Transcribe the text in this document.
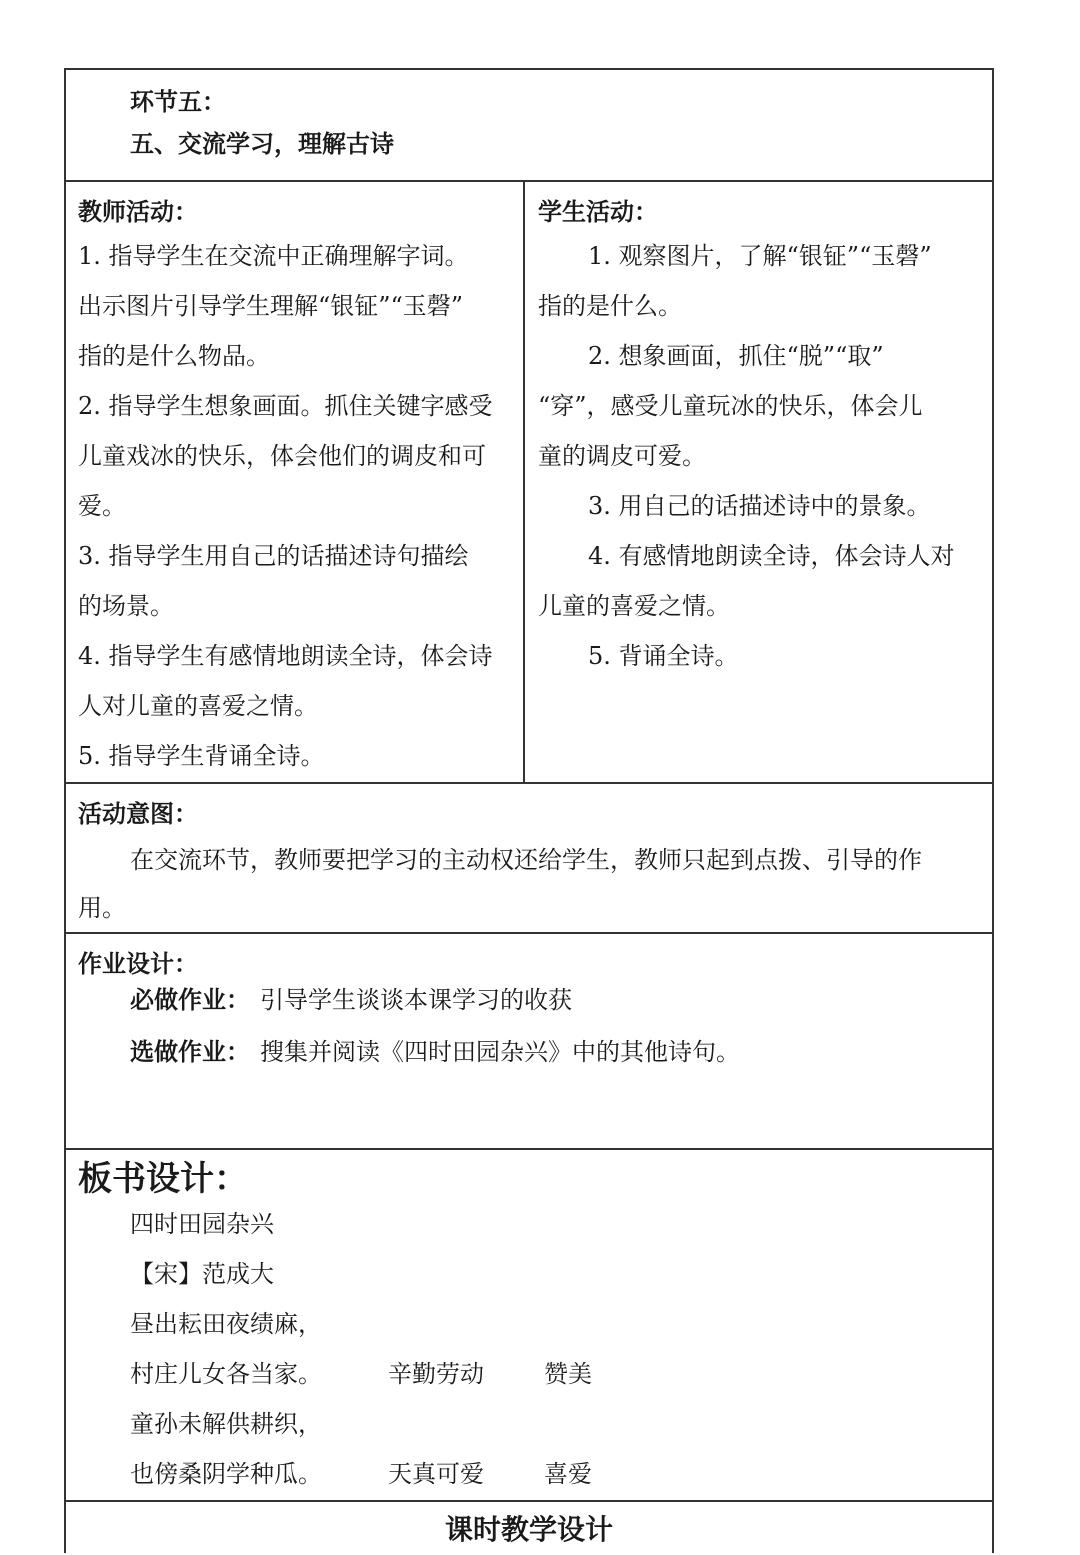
环节五：
五、交流学习，理解古诗
教师活动：
1. 指导学生在交流中正确理解字词。
出示图片引导学生理解“银钲”“玉磬”
指的是什么物品。
2. 指导学生想象画面。抓住关键字感受
儿童戏冰的快乐，体会他们的调皮和可
爱。
3. 指导学生用自己的话描述诗句描绘
的场景。
4. 指导学生有感情地朗读全诗，体会诗
人对儿童的喜爱之情。
5. 指导学生背诵全诗。
学生活动：
1. 观察图片，了解“银钲”“玉磬”
指的是什么。
2. 想象画面，抓住“脱”“取”
“穿”，感受儿童玩冰的快乐，体会儿
童的调皮可爱。
3. 用自己的话描述诗中的景象。
4. 有感情地朗读全诗，体会诗人对
儿童的喜爱之情。
5. 背诵全诗。
活动意图：
在交流环节，教师要把学习的主动权还给学生，教师只起到点拨、引导的作
用。
作业设计：
必做作业： 引导学生谈谈本课学习的收获
选做作业： 搜集并阅读《四时田园杂兴》中的其他诗句。
板书设计：
四时田园杂兴
【宋】范成大
昼出耘田夜绩麻，
村庄儿女各当家。	辛勤劳动	赞美
童孙未解供耕织，
也傍桑阴学种瓜。	天真可爱	喜爱
课时教学设计
